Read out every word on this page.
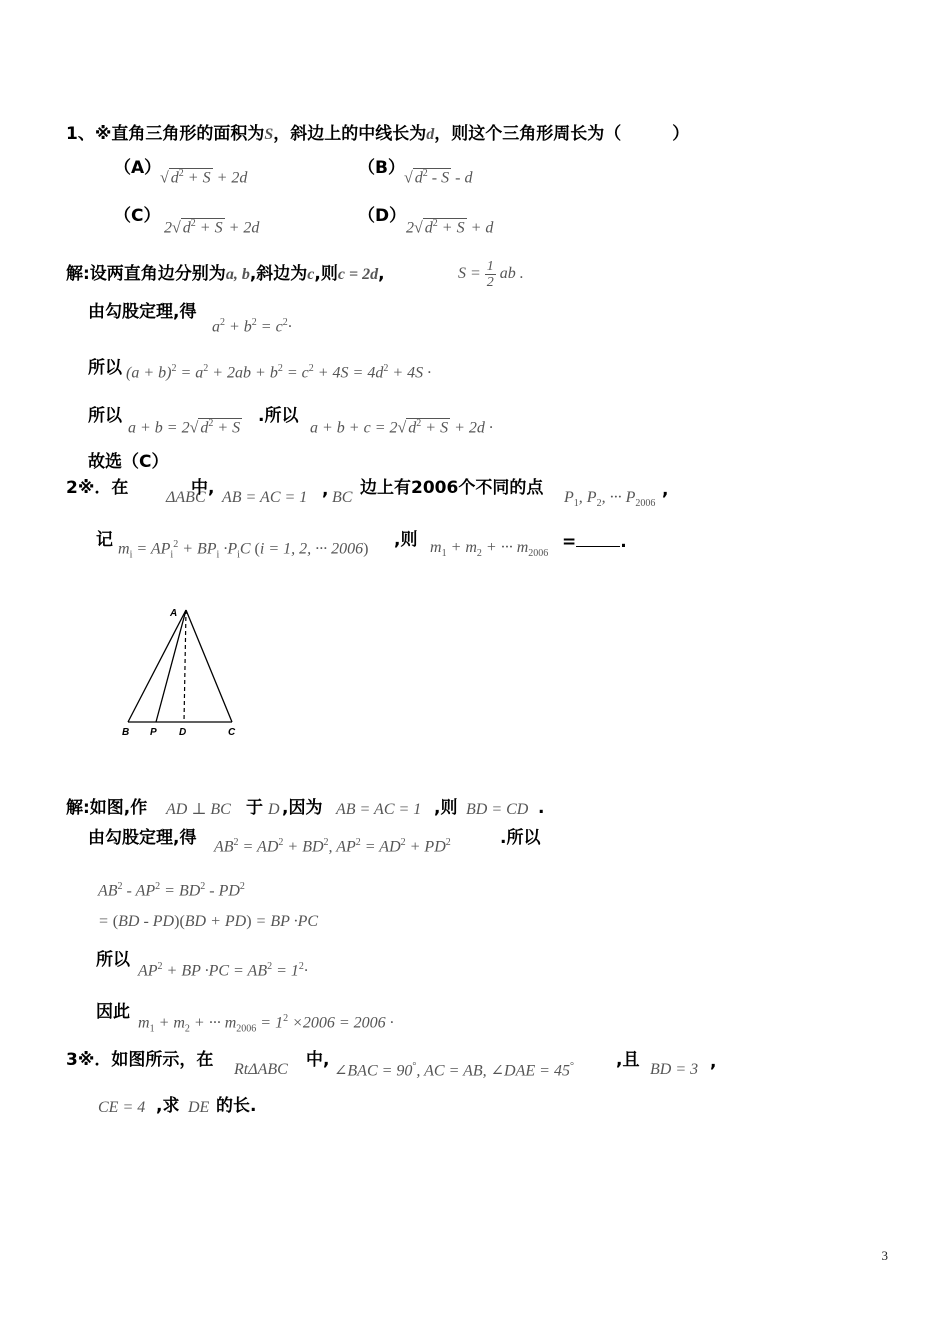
1、※直角三角形的面积为S，斜边上的中线长为d，则这个三角形周长为（　　　）
（A）
√ $d^2 + S + 2d$	（B） √ $d^2$ - S - d
（C）
2√ $d^2 + S + 2d$
（D）
2√ $d^2 + S + d$
解:设两直角边分别为a, b,斜边为c,则c = 2d,	$S = \frac{1}{2}$ ab .
由勾股定理,得
$a^2 + b^2 = c^2\cdot$
所以 $(a + b)^2 = a^2 + 2ab + b^2 = c^2 + 4S = 4d^2 + 4S$ ·
所以
a + b = 2√ $d^2 + S$
.所以
a + b + c = 2√ $d^2 + S + 2d$ ·
故选（C）
2※．在 ΔABC
中, AB = AC = 1 , BC 边上有2006个不同的点 $P_1$, $P_2$, ··· $P_{2006}$
,
记 $m_i = AP_i^2 + BP_i \cdot P_iC$ (i = 1, 2, ··· 2006) ,则 $m_1 + m_2$ + ··· $m_{2006}$
=	.
A
B P D	C
解:如图,作 AD ⊥ BC 于 D ,因为 AB = AC = 1 ,则 BD = CD .
由勾股定理,得 $AB^2 = AD^2 + BD^2$, $AP^2 = AD^2 + PD^2$	.所以
$AB^2 - AP^2 = BD^2 - PD^2$
= (BD - PD)(BD + PD) = BP ·PC
所以
$AP^2$ + BP $\cdot PC = AB^2 = 1^2\cdot$
因此
$m_1 + m_2$ + ··· $m_{2006} = 1^2 \times 2006 = 2006$ ·
3※．如图所示，在 RtΔABC 中,
∠BAC = 90°, AC = AB, ∠DAE = 45° ,且 BD = 3 ,
CE = 4 ,求 DE 的长.
3
